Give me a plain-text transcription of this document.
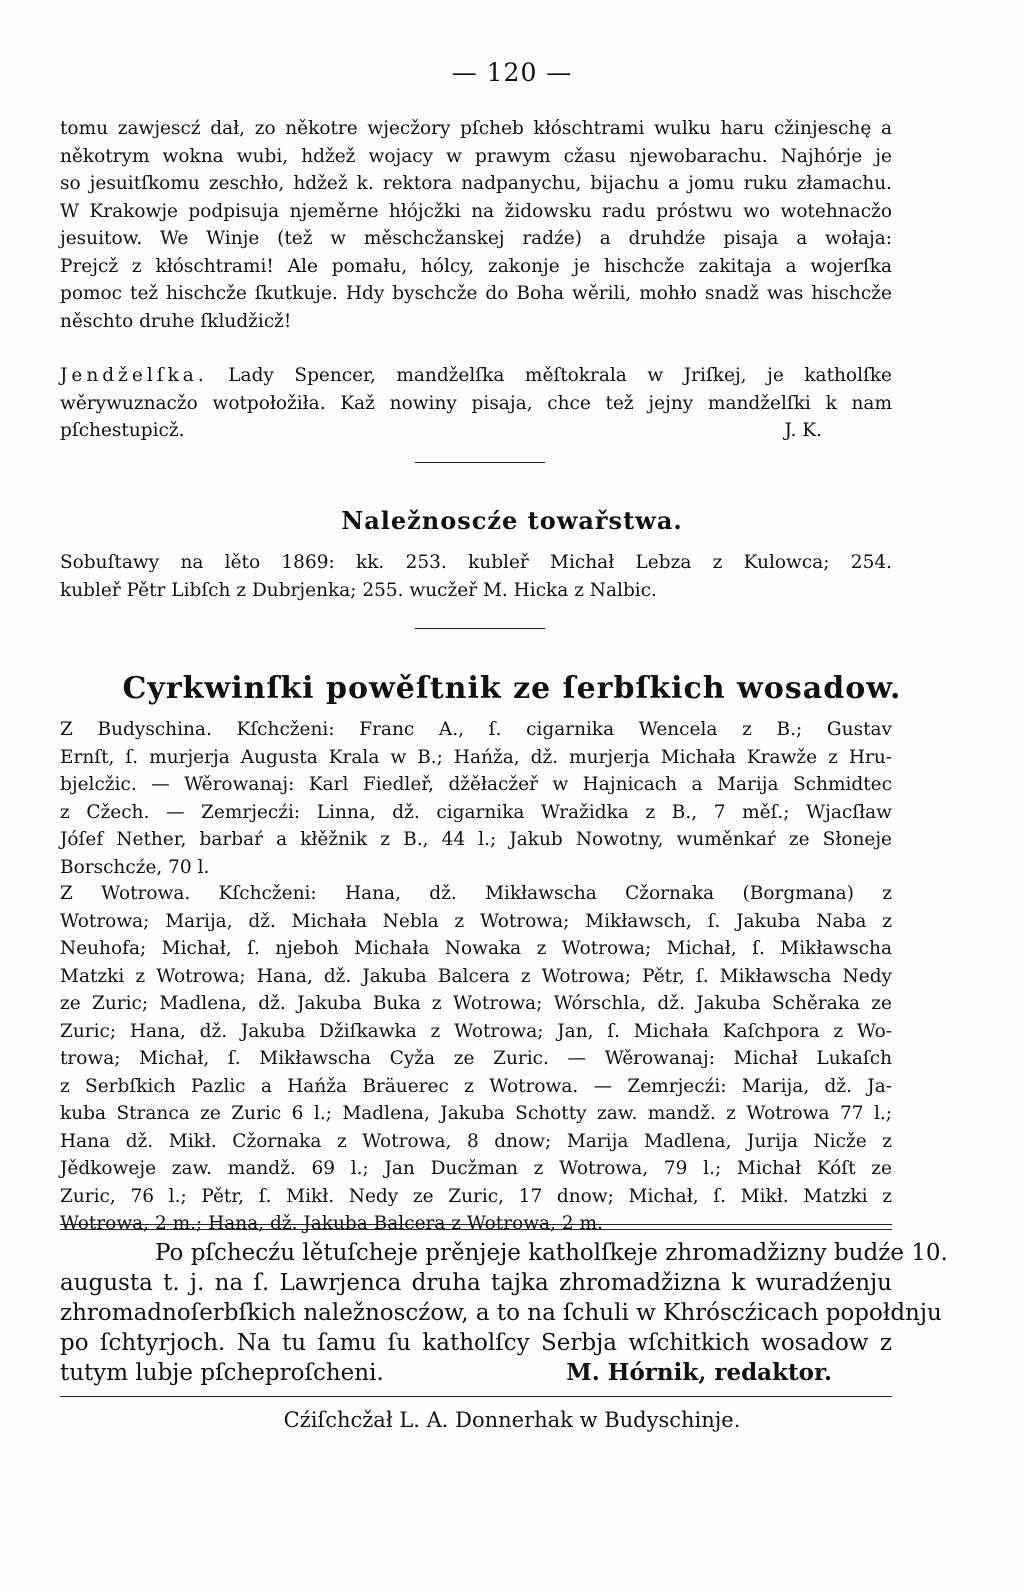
— 120 —

tomu zawjescź dał, zo někotre wjecžory pſcheb kłóschtrami wulku haru cžinjeschę a
někotrym wokna wubi, hdžež wojacy w prawym cžasu njewobarachu. Najhórje je
so jesuitſkomu zeschło, hdžež k. rektora nadpanychu, bijachu a jomu ruku złamachu.
W Krakowje podpisuja njeměrne hłójcžki na židowsku radu próstwu wo wotehnacžo
jesuitow. We Winje (tež w měschcžanskej radźe) a druhdźe pisaja a wołaja:
Prejcž z kłóschtrami! Ale pomału, hólcy, zakonje je hischcže zakitaja a wojerſka
pomoc tež hischcže ſkutkuje. Hdy byschcže do Boha wěrili, mohło snadž was hischcže
něschto druhe ſkludžicž!

Jendželſka. Lady Spencer, mandželſka měſtokrala w Jriſkej, je katholſke
wěrywuznacžo wotpołožiła. Kaž nowiny pisaja, chce tež jejny mandželſki k nam
pſchestupicž.	J. K.

Naležnoscźe towařstwa.

Sobuſtawy na lěto 1869: kk. 253. kubleř Michał Lebza z Kulowca; 254.
kubleř Pětr Libſch z Dubrjenka; 255. wucžeř M. Hicka z Nalbic.

Cyrkwinſki powěſtnik ze ſerbſkich wosadow.

Z Budyschina. Kſchcženi: Franc A., ſ. cigarnika Wencela z B.; Gustav
Ernſt, ſ. murjerja Augusta Krala w B.; Hańža, dž. murjerja Michała Krawže z Hru-
bjelcžic. — Wěrowanaj: Karl Fiedleř, džěłacžeř w Hajnicach a Marija Schmidtec
z Cžech. — Zemrjecźi: Linna, dž. cigarnika Wražidka z B., 7 měſ.; Wjacſław
Jóſef Nether, barbaŕ a kłěžnik z B., 44 l.; Jakub Nowotny, wuměnkaŕ ze Słonejе
Borschcźe, 70 l.

Z Wotrowa. Kſchcženi: Hana, dž. Mikławscha Cžornaka (Borgmana) z
Wotrowa; Marija, dž. Michała Nebla z Wotrowa; Mikławsch, ſ. Jakuba Naba z
Neuhofa; Michał, ſ. njeboh Michała Nowaka z Wotrowa; Michał, ſ. Mikławscha
Matzki z Wotrowa; Hana, dž. Jakuba Balcera z Wotrowa; Pětr, ſ. Mikławscha Nedy
ze Zuric; Madlena, dž. Jakuba Buka z Wotrowa; Wórschla, dž. Jakuba Schěraka ze
Zuric; Hana, dž. Jakuba Džiſkawka z Wotrowa; Jan, ſ. Michała Kaſchpora z Wo-
trowa; Michał, ſ. Mikławscha Cyža ze Zuric. — Wěrowanaj: Michał Lukaſch
z Serbſkich Pazlic a Hańža Bräuerec z Wotrowa. — Zemrjecźi: Marija, dž. Ja-
kuba Stranca ze Zuric 6 l.; Madlena, Jakuba Schotty zaw. mandž. z Wotrowa 77 l.;
Hana dž. Mikł. Cžornaka z Wotrowa, 8 dnow; Marija Madlena, Jurija Nicže z
Jědkowejе zaw. mandž. 69 l.; Jan Ducžman z Wotrowa, 79 l.; Michał Kóſt ze
Zuric, 76 l.; Pětr, ſ. Mikł. Nedy ze Zuric, 17 dnow; Michał, ſ. Mikł. Matzki z
Wotrowa, 2 m.; Hana, dž. Jakuba Balcera z Wotrowa, 2 m.

Po pſchecźu lětuſchejе prěnjejе katholſkejе zhromadžizny budźe 10.
augusta t. j. na ſ. Lawrjenca druha tajka zhromadžizna k wuradźenju
zhromadnoſerbſkich naležnoscźow, a to na ſchuli w Khróscźicach popołdnju
po ſchtyrjoch. Na tu ſamu ſu katholſcy Serbja wſchitkich wosadow z
tutym lubje pſcheproſcheni.	M. Hórnik, redaktor.

Cźiſchcžał L. A. Donnerhak w Budyschinje.
